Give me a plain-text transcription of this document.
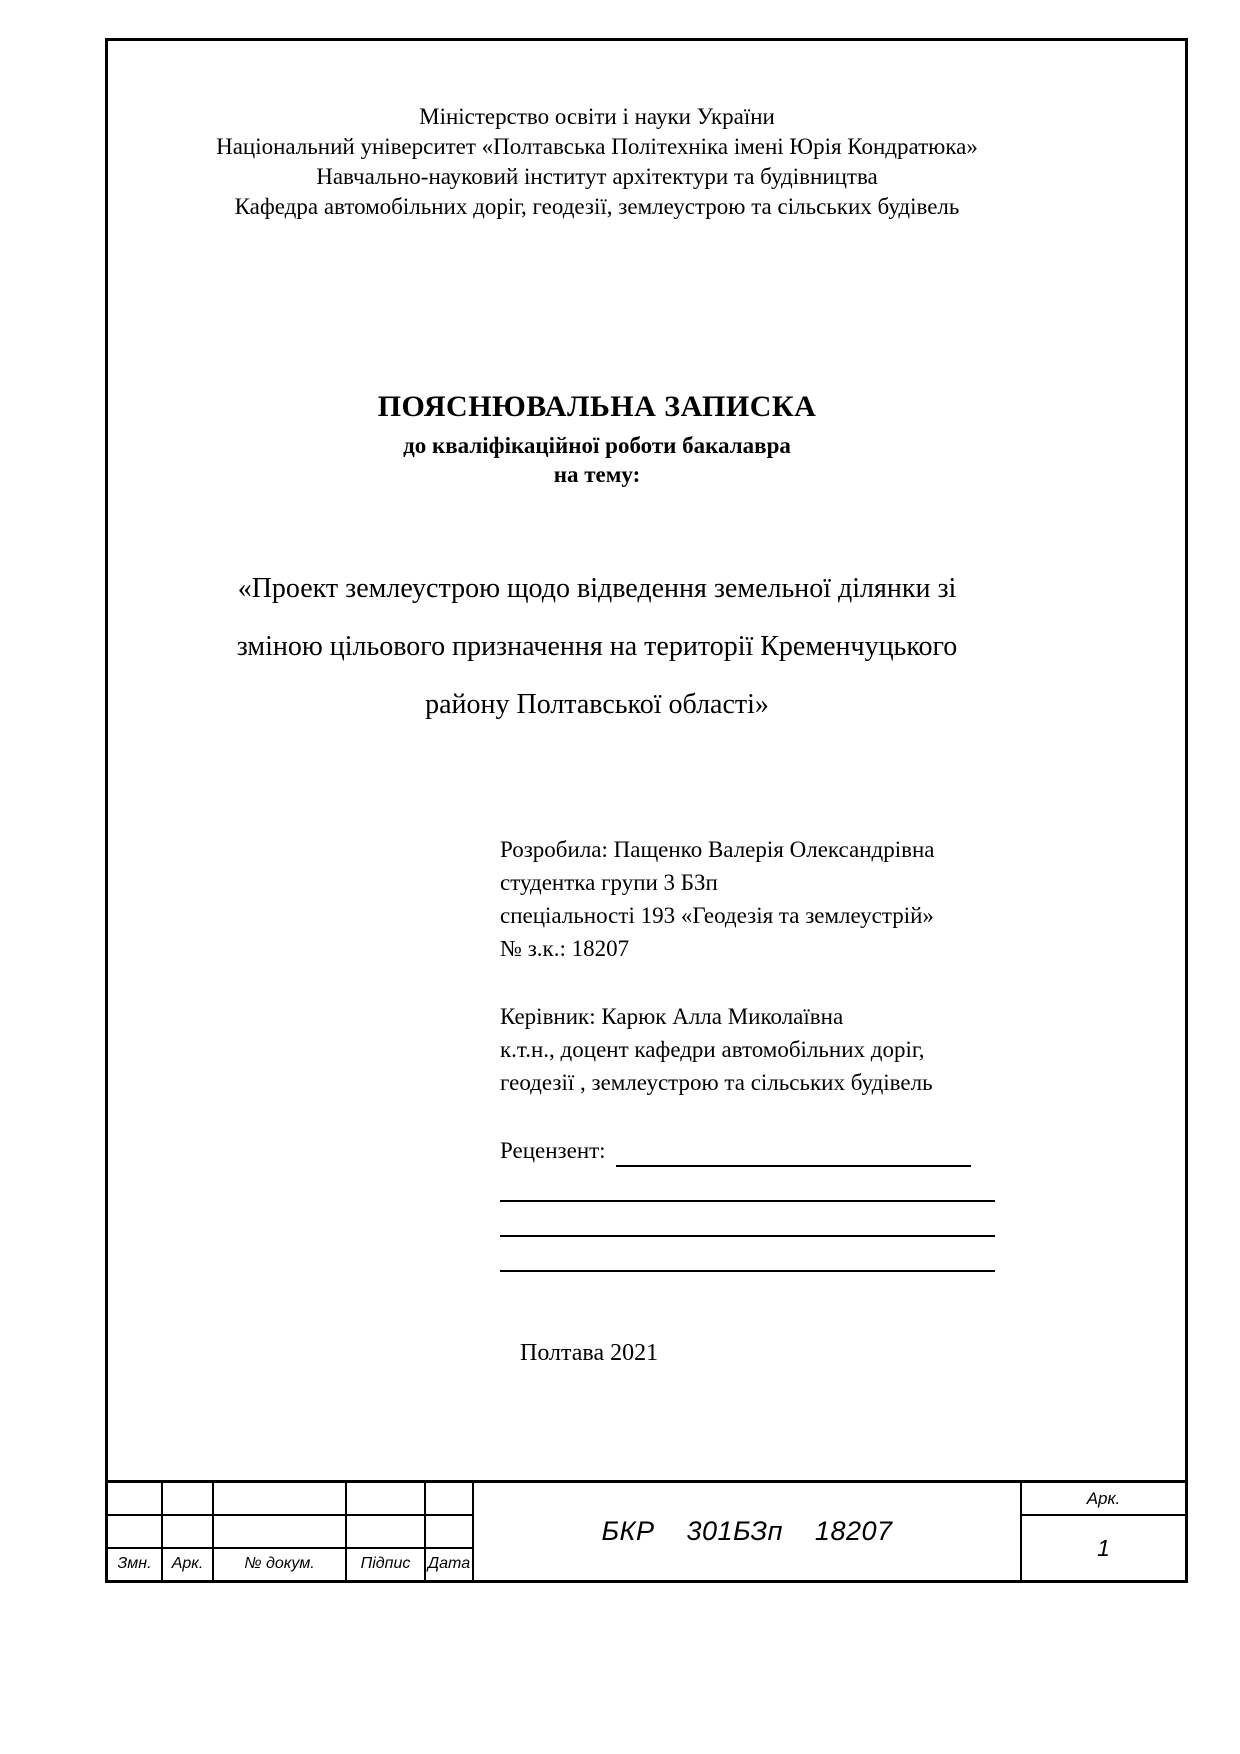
Міністерство освіти і науки України
Національний університет «Полтавська Політехніка імені Юрія Кондратюка»
Навчально-науковий інститут архітектури та будівництва
Кафедра автомобільних доріг, геодезії, землеустрою та сільських будівель
ПОЯСНЮВАЛЬНА ЗАПИСКА
до кваліфікаційної роботи бакалавра
на тему:
«Проект землеустрою щодо відведення земельної ділянки зі
зміною цільового призначення на території Кременчуцького
району Полтавської області»
Розробила: Пащенко Валерія Олександрівна
студентка групи 3 БЗп
спеціальності 193 «Геодезія та землеустрій»
№ з.к.: 18207
Керівник: Карюк Алла Миколаївна
к.т.н., доцент кафедри автомобільних доріг,
геодезії , землеустрою та сільських будівель
Рецензент:
Полтава 2021
Змн.	Арк.	№ докум.	Підпис	Дата
БКР    301БЗп    18207
Арк.
1
